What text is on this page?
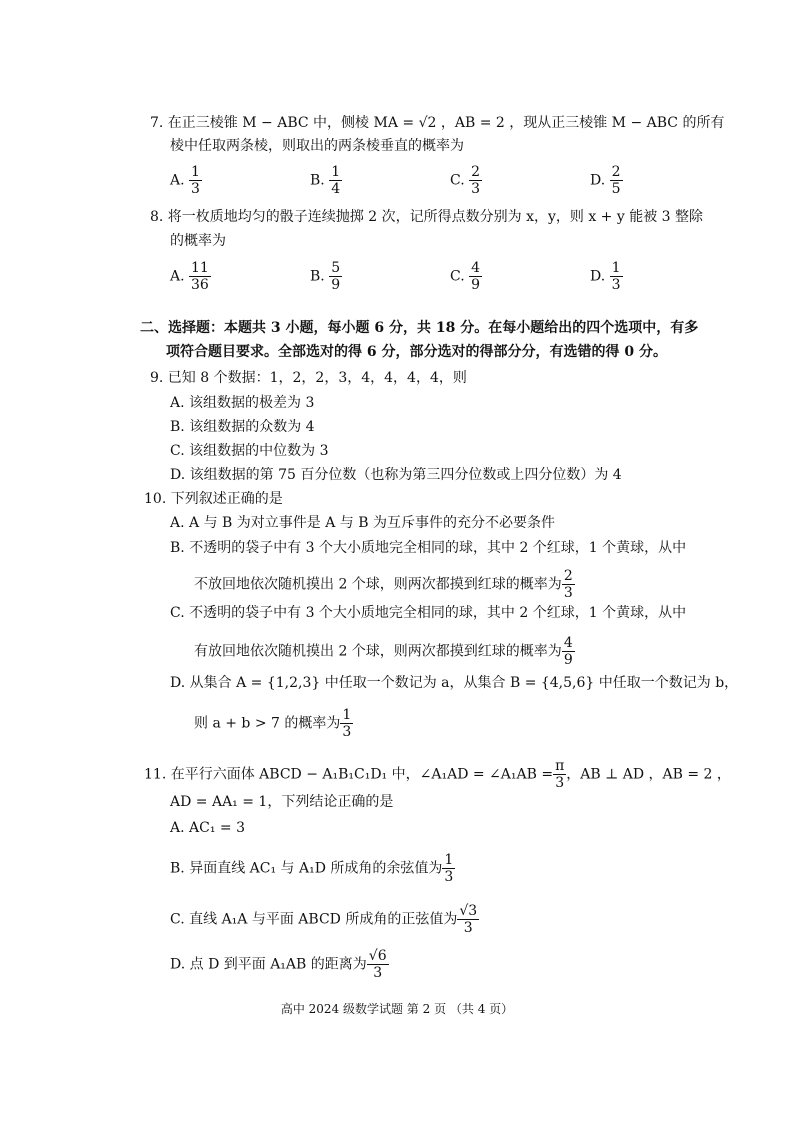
7. 在正三棱锥 M − ABC 中，侧棱 MA = √2 ，AB = 2 ，现从正三棱锥 M − ABC 的所有
棱中任取两条棱，则取出的两条棱垂直的概率为
A. $\frac{1}{3}$	B. $\frac{1}{4}$	C. $\frac{2}{3}$	D. $\frac{2}{5}$
8. 将一枚质地均匀的骰子连续抛掷 2 次，记所得点数分别为 x，y，则 x + y 能被 3 整除
的概率为
A. $\frac{11}{36}$	B. $\frac{5}{9}$	C. $\frac{4}{9}$	D. $\frac{1}{3}$
二、选择题：本题共 3 小题，每小题 6 分，共 18 分。在每小题给出的四个选项中，有多
项符合题目要求。全部选对的得 6 分，部分选对的得部分分，有选错的得 0 分。
9. 已知 8 个数据：1，2，2，3，4，4，4，4，则
A. 该组数据的极差为 3
B. 该组数据的众数为 4
C. 该组数据的中位数为 3
D. 该组数据的第 75 百分位数（也称为第三四分位数或上四分位数）为 4
10. 下列叙述正确的是
A. A 与 B 为对立事件是 A 与 B 为互斥事件的充分不必要条件
B. 不透明的袋子中有 3 个大小质地完全相同的球，其中 2 个红球，1 个黄球，从中
不放回地依次随机摸出 2 个球，则两次都摸到红球的概率为 $\frac{2}{3}$
C. 不透明的袋子中有 3 个大小质地完全相同的球，其中 2 个红球，1 个黄球，从中
有放回地依次随机摸出 2 个球，则两次都摸到红球的概率为 $\frac{4}{9}$
D. 从集合 A = {1,2,3} 中任取一个数记为 a，从集合 B = {4,5,6} 中任取一个数记为 b，
则 a + b > 7 的概率为 $\frac{1}{3}$
11. 在平行六面体 ABCD − A₁B₁C₁D₁ 中，∠A₁AD = ∠A₁AB = $\frac{\pi}{3}$ ，AB ⊥ AD ，AB = 2 ，
AD = AA₁ = 1，下列结论正确的是
A. AC₁ = 3
B. 异面直线 AC₁ 与 A₁D 所成角的余弦值为 $\frac{1}{3}$
C. 直线 A₁A 与平面 ABCD 所成角的正弦值为 $\frac{√3}{3}$
D. 点 D 到平面 A₁AB 的距离为 $\frac{√6}{3}$
高中 2024 级数学试题 第 2 页 （共 4 页）
